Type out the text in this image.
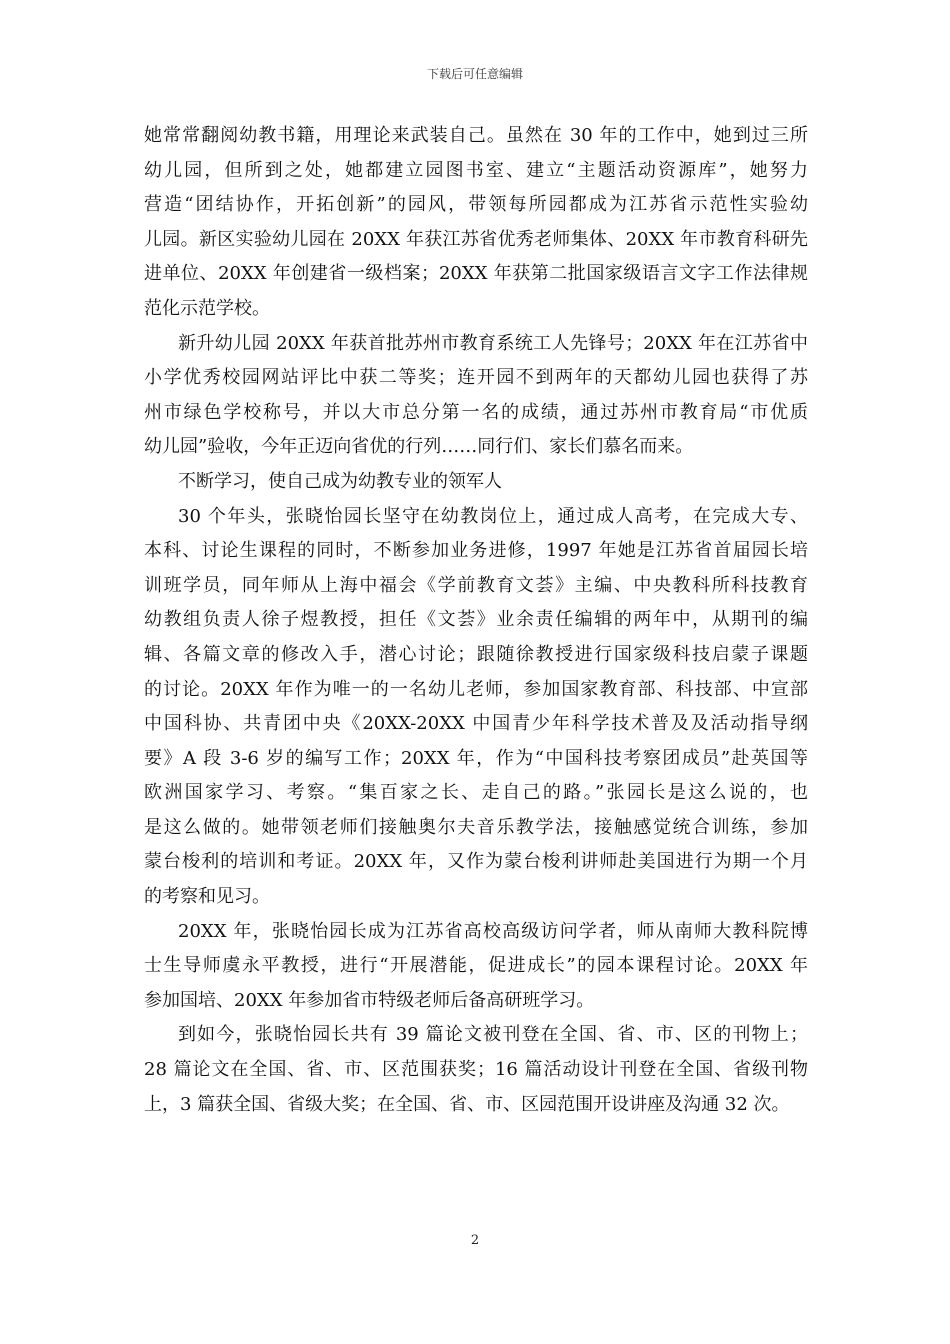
下载后可任意编辑
她常常翻阅幼教书籍，用理论来武装自己。虽然在 30 年的工作中，她到过三所
幼儿园，但所到之处，她都建立园图书室、建立“主题活动资源库”，她努力
营造“团结协作，开拓创新”的园风，带领每所园都成为江苏省示范性实验幼
儿园。新区实验幼儿园在 20XX 年获江苏省优秀老师集体、20XX 年市教育科研先
进单位、20XX 年创建省一级档案；20XX 年获第二批国家级语言文字工作法律规
范化示范学校。
新升幼儿园 20XX 年获首批苏州市教育系统工人先锋号；20XX 年在江苏省中
小学优秀校园网站评比中获二等奖；连开园不到两年的天都幼儿园也获得了苏
州市绿色学校称号，并以大市总分第一名的成绩，通过苏州市教育局“市优质
幼儿园”验收，今年正迈向省优的行列……同行们、家长们慕名而来。
不断学习，使自己成为幼教专业的领军人
30 个年头，张晓怡园长坚守在幼教岗位上，通过成人高考，在完成大专、
本科、讨论生课程的同时，不断参加业务进修，1997 年她是江苏省首届园长培
训班学员，同年师从上海中福会《学前教育文荟》主编、中央教科所科技教育
幼教组负责人徐子煜教授，担任《文荟》业余责任编辑的两年中，从期刊的编
辑、各篇文章的修改入手，潜心讨论；跟随徐教授进行国家级科技启蒙子课题
的讨论。20XX 年作为唯一的一名幼儿老师，参加国家教育部、科技部、中宣部
中国科协、共青团中央《20XX-20XX 中国青少年科学技术普及及活动指导纲
要》A 段 3-6 岁的编写工作；20XX 年，作为“中国科技考察团成员”赴英国等
欧洲国家学习、考察。“集百家之长、走自己的路。”张园长是这么说的，也
是这么做的。她带领老师们接触奥尔夫音乐教学法，接触感觉统合训练，参加
蒙台梭利的培训和考证。20XX 年，又作为蒙台梭利讲师赴美国进行为期一个月
的考察和见习。
20XX 年，张晓怡园长成为江苏省高校高级访问学者，师从南师大教科院博
士生导师虞永平教授，进行“开展潜能，促进成长”的园本课程讨论。20XX 年
参加国培、20XX 年参加省市特级老师后备高研班学习。
到如今，张晓怡园长共有 39 篇论文被刊登在全国、省、市、区的刊物上；
28 篇论文在全国、省、市、区范围获奖；16 篇活动设计刊登在全国、省级刊物
上，3 篇获全国、省级大奖；在全国、省、市、区园范围开设讲座及沟通 32 次。
2
